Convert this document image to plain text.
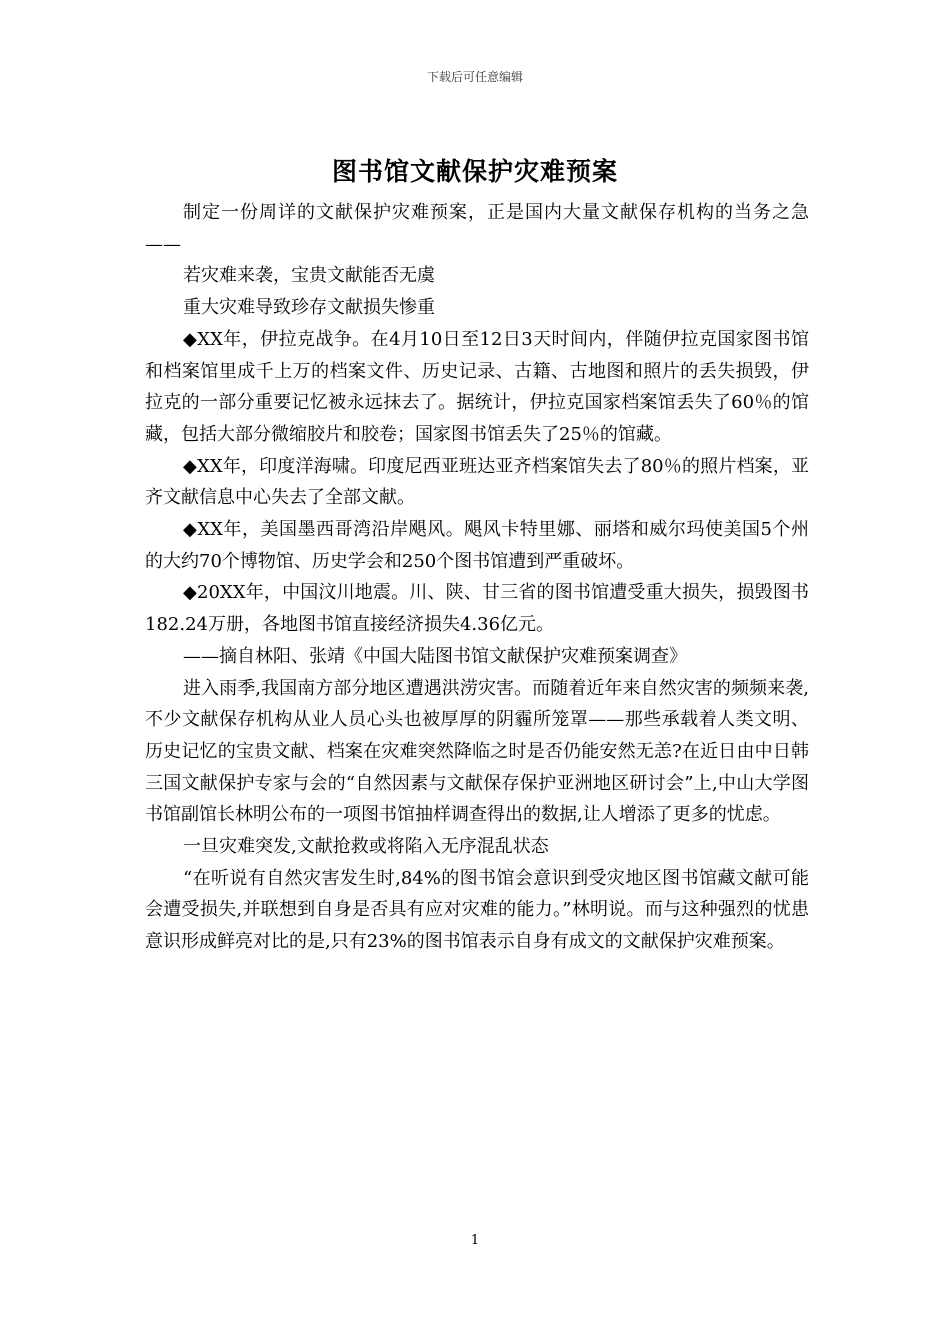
下载后可任意编辑
图书馆文献保护灾难预案

制定一份周详的文献保护灾难预案，正是国内大量文献保存机构的当务之急——

若灾难来袭，宝贵文献能否无虞

重大灾难导致珍存文献损失惨重

◆XX年，伊拉克战争。在4月10日至12日3天时间内，伴随伊拉克国家图书馆和档案馆里成千上万的档案文件、历史记录、古籍、古地图和照片的丢失损毁，伊拉克的一部分重要记忆被永远抹去了。据统计，伊拉克国家档案馆丢失了60％的馆藏，包括大部分微缩胶片和胶卷；国家图书馆丢失了25％的馆藏。

◆XX年，印度洋海啸。印度尼西亚班达亚齐档案馆失去了80％的照片档案，亚齐文献信息中心失去了全部文献。

◆XX年，美国墨西哥湾沿岸飓风。飓风卡特里娜、丽塔和威尔玛使美国5个州的大约70个博物馆、历史学会和250个图书馆遭到严重破坏。

◆20XX年，中国汶川地震。川、陕、甘三省的图书馆遭受重大损失，损毁图书182.24万册，各地图书馆直接经济损失4.36亿元。

——摘自林阳、张靖《中国大陆图书馆文献保护灾难预案调查》

进入雨季,我国南方部分地区遭遇洪涝灾害。而随着近年来自然灾害的频频来袭,不少文献保存机构从业人员心头也被厚厚的阴霾所笼罩——那些承载着人类文明、历史记忆的宝贵文献、档案在灾难突然降临之时是否仍能安然无恙?在近日由中日韩三国文献保护专家与会的“自然因素与文献保存保护亚洲地区研讨会”上,中山大学图书馆副馆长林明公布的一项图书馆抽样调查得出的数据,让人增添了更多的忧虑。

一旦灾难突发,文献抢救或将陷入无序混乱状态

“在听说有自然灾害发生时,84%的图书馆会意识到受灾地区图书馆藏文献可能会遭受损失,并联想到自身是否具有应对灾难的能力。”林明说。而与这种强烈的忧患意识形成鲜亮对比的是,只有23%的图书馆表示自身有成文的文献保护灾难预案。

1
